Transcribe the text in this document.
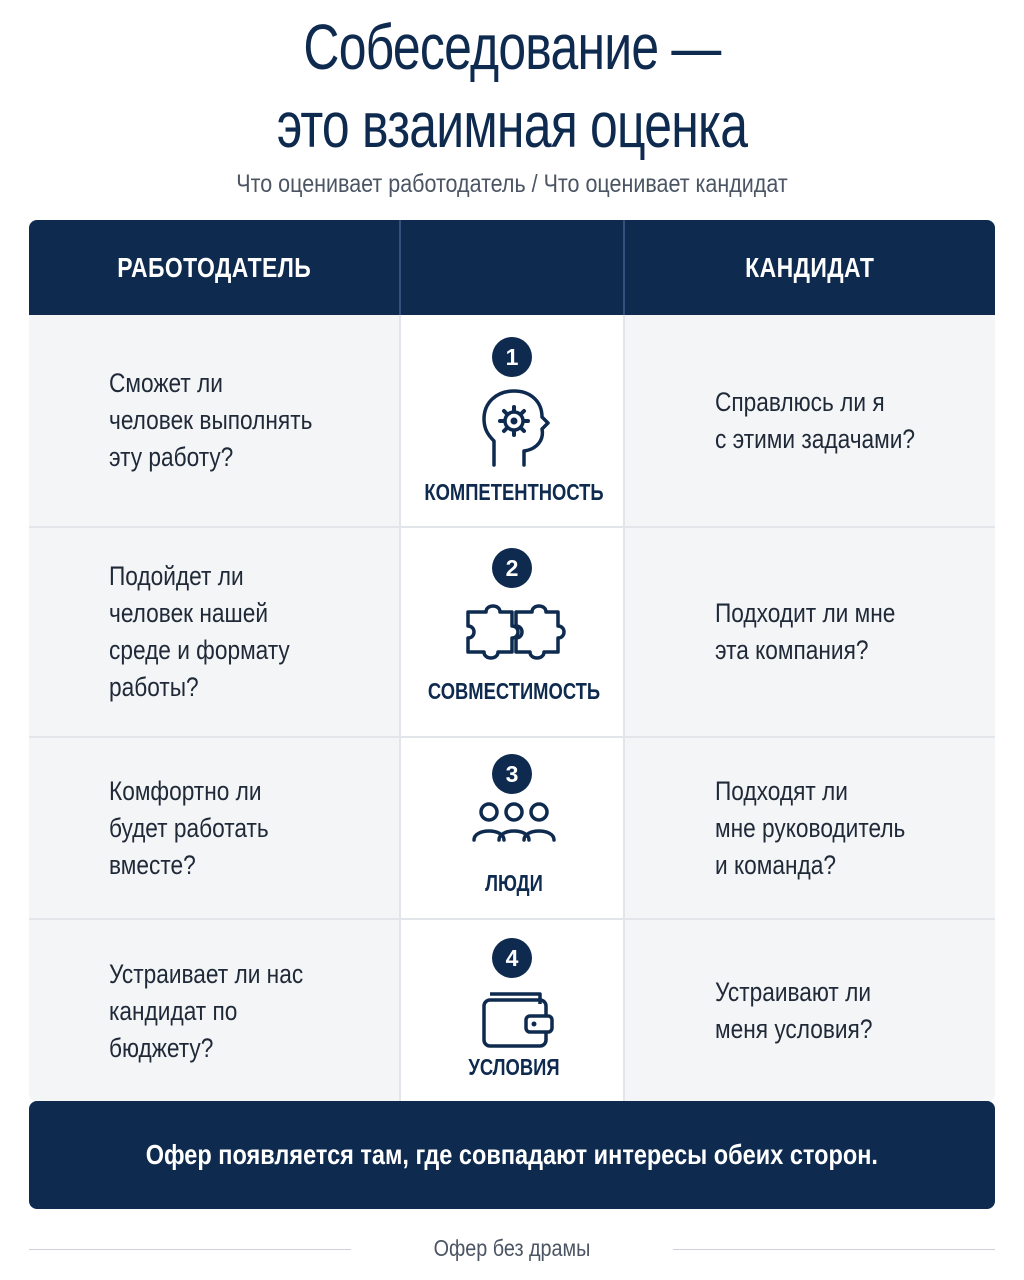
Собеседование —
это взаимная оценка
Что оценивает работодатель / Что оценивает кандидат
РАБОТОДАТЕЛЬ	КАНДИДАТ
Сможет ли
человек выполнять
эту работу?
1
КОМПЕТЕНТНОСТЬ
Справлюсь ли я
с этими задачами?
Подойдет ли
человек нашей
среде и формату
работы?
2
СОВМЕСТИМОСТЬ
Подходит ли мне
эта компания?
Комфортно ли
будет работать
вместе?
3
ЛЮДИ
Подходят ли
мне руководитель
и команда?
Устраивает ли нас
кандидат по
бюджету?
4
УСЛОВИЯ
Устраивают ли
меня условия?
Офер появляется там, где совпадают интересы обеих сторон.
Офер без драмы
